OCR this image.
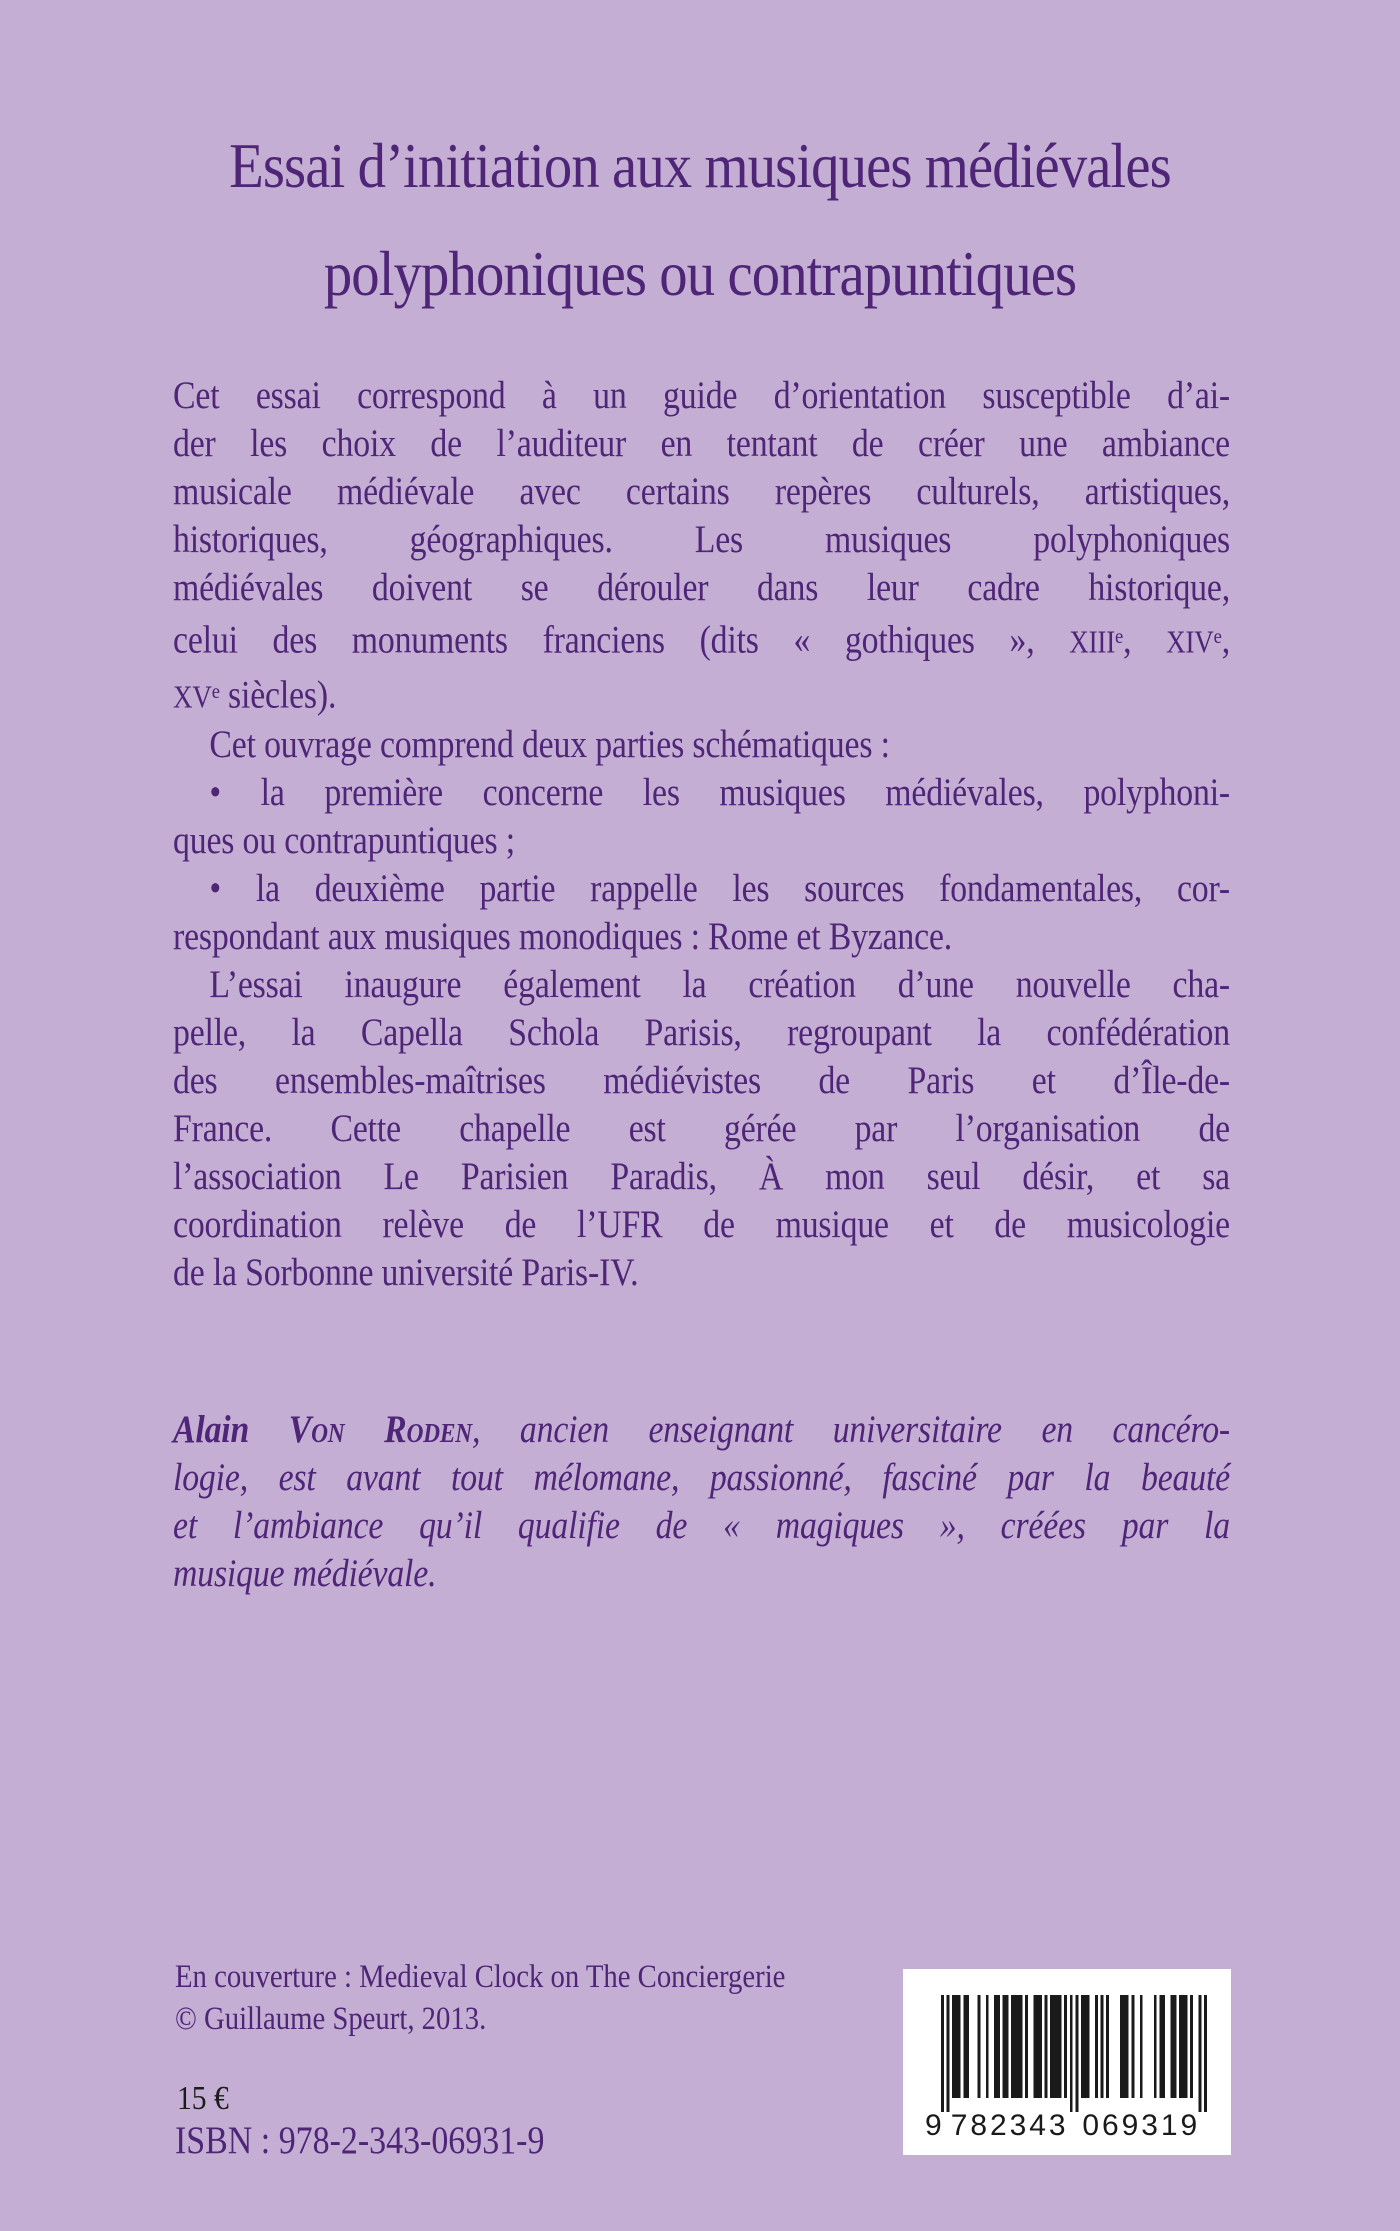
Essai d’initiation aux musiques médiévales
polyphoniques ou contrapuntiques
Cet essai correspond à un guide d’orientation susceptible d’ai-
der les choix de l’auditeur en tentant de créer une ambiance
musicale médiévale avec certains repères culturels, artistiques,
historiques, géographiques. Les musiques polyphoniques
médiévales doivent se dérouler dans leur cadre historique,
celui des monuments franciens (dits « gothiques », XIIIe, XIVe,
XVe siècles).
Cet ouvrage comprend deux parties schématiques :
• la première concerne les musiques médiévales, polyphoni-
ques ou contrapuntiques ;
• la deuxième partie rappelle les sources fondamentales, cor-
respondant aux musiques monodiques : Rome et Byzance.
L’essai inaugure également la création d’une nouvelle cha-
pelle, la Capella Schola Parisis, regroupant la confédération
des ensembles-maîtrises médiévistes de Paris et d’Île-de-
France. Cette chapelle est gérée par l’organisation de
l’association Le Parisien Paradis, À mon seul désir, et sa
coordination relève de l’UFR de musique et de musicologie
de la Sorbonne université Paris-IV.
Alain Von Roden, ancien enseignant universitaire en cancéro-
logie, est avant tout mélomane, passionné, fasciné par la beauté
et l’ambiance qu’il qualifie de « magiques », créées par la
musique médiévale.
En couverture : Medieval Clock on The Conciergerie
© Guillaume Speurt, 2013.
15 €
ISBN : 978-2-343-06931-9	9 782343 069319
